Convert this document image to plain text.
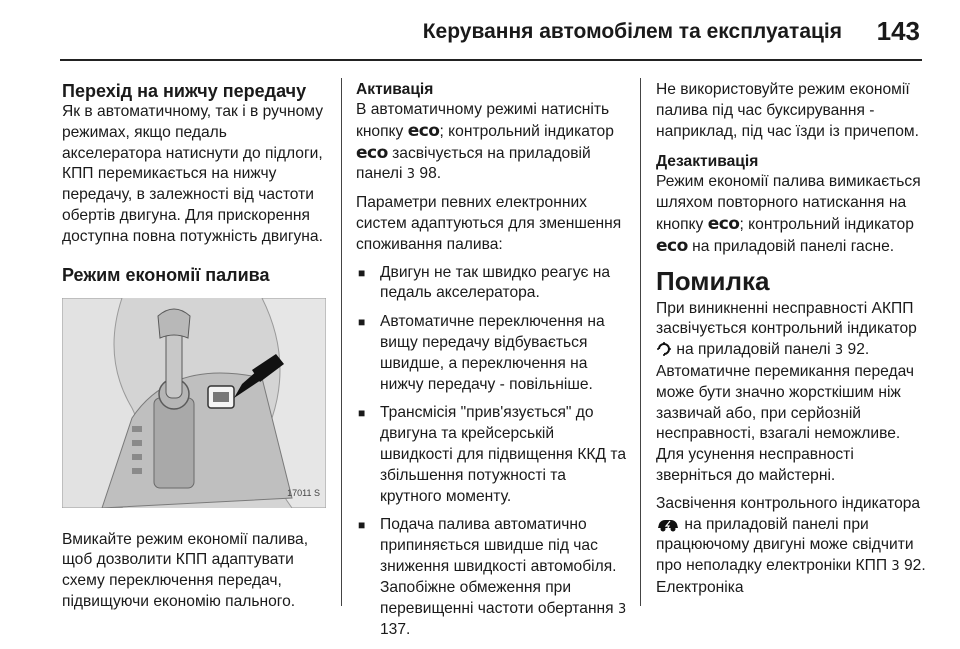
Керування автомобілем та експлуатація 143
Перехід на нижчу передачу

Як в автоматичному, так і в ручному режимах, якщо педаль акселератора натиснути до підлоги, КПП перемикається на нижчу передачу, в залежності від частоти обертів двигуна. Для прискорення доступна повна потужність двигуна.

Режим економії палива
17011 S

Вмикайте режим економії палива, щоб дозволити КПП адаптувати схему переключення передач, підвищуючи економію пального.

Активація

В автоматичному режимі натисніть кнопку eco; контрольний індикатор eco засвічується на приладовій панелі 3 98.

Параметри певних електронних систем адаптуються для зменшення споживання палива:

■ Двигун не так швидко реагує на педаль акселератора.
■ Автоматичне переключення на вищу передачу відбувається швидше, а переключення на нижчу передачу - повільніше.
■ Трансмісія "прив'язується" до двигуна та крейсерській швидкості для підвищення ККД та збільшення потужності та крутного моменту.
■ Подача палива автоматично припиняється швидше під час зниження швидкості автомобіля. Запобіжне обмеження при перевищенні частоти обертання 3 137.

Не використовуйте режим економії палива під час буксирування - наприклад, під час їзди із причепом.

Дезактивація

Режим економії палива вимикається шляхом повторного натискання на кнопку eco; контрольний індикатор eco на приладовій панелі гасне.

Помилка

При виникненні несправності АКПП засвічується контрольний індикатор  на приладовій панелі 3 92. Автоматичне перемикання передач може бути значно жорсткішим ніж зазвичай або, при серйозній несправності, взагалі неможливе. Для усунення несправності зверніться до майстерні.

Засвічення контрольного індикатора  на приладовій панелі при працюючому двигуні може свідчити про неполадку електроніки КПП 3 92. Електроніка
